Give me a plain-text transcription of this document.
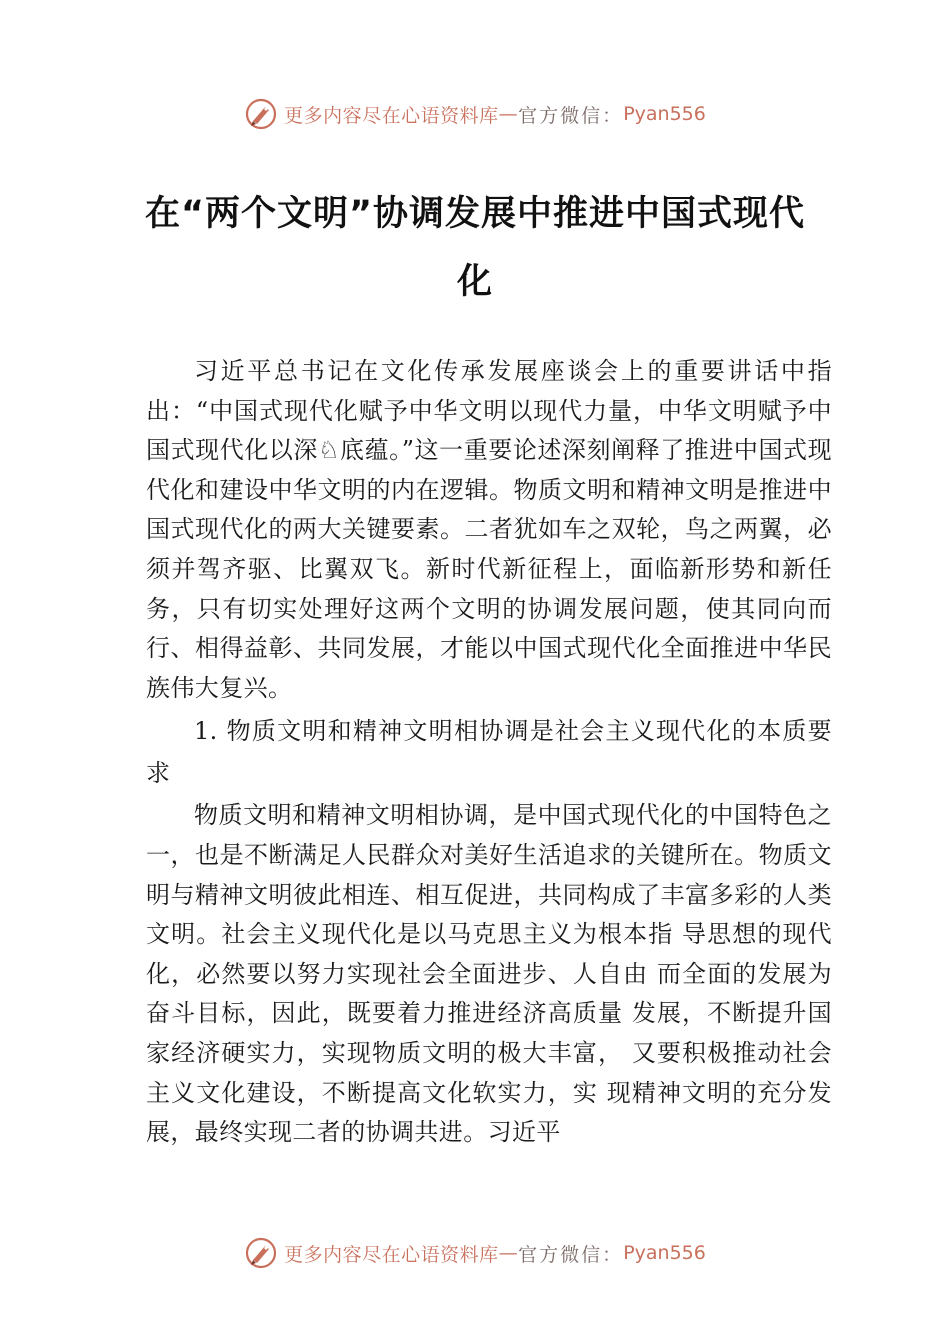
更多内容尽在心语资料库 — 官方微信： Pyan556
在“两个文明”协调发展中推进中国式现代化

习近平总书记在文化传承发展座谈会上的重要讲话中指出：“中国式现代化赋予中华文明以现代力量，中华文明赋予中国式现代化以深♘底蕴。”这一重要论述深刻阐释了推进中国式现代化和建设中华文明的内在逻辑。物质文明和精神文明是推进中国式现代化的两大关键要素。二者犹如车之双轮，鸟之两翼，必须并驾齐驱、比翼双飞。新时代新征程上，面临新形势和新任务，只有切实处理好这两个文明的协调发展问题，使其同向而行、相得益彰、共同发展，才能以中国式现代化全面推进中华民族伟大复兴。

1. 物质文明和精神文明相协调是社会主义现代化的本质要求

物质文明和精神文明相协调，是中国式现代化的中国特色之一，也是不断满足人民群众对美好生活追求的关键所在。物质文明与精神文明彼此相连、相互促进，共同构成了丰富多彩的人类文明。社会主义现代化是以马克思主义为根本指 导思想的现代化，必然要以努力实现社会全面进步、人自由 而全面的发展为奋斗目标，因此，既要着力推进经济高质量 发展，不断提升国家经济硬实力，实现物质文明的极大丰富， 又要积极推动社会主义文化建设，不断提高文化软实力，实 现精神文明的充分发展，最终实现二者的协调共进。习近平

更多内容尽在心语资料库 — 官方微信： Pyan556
